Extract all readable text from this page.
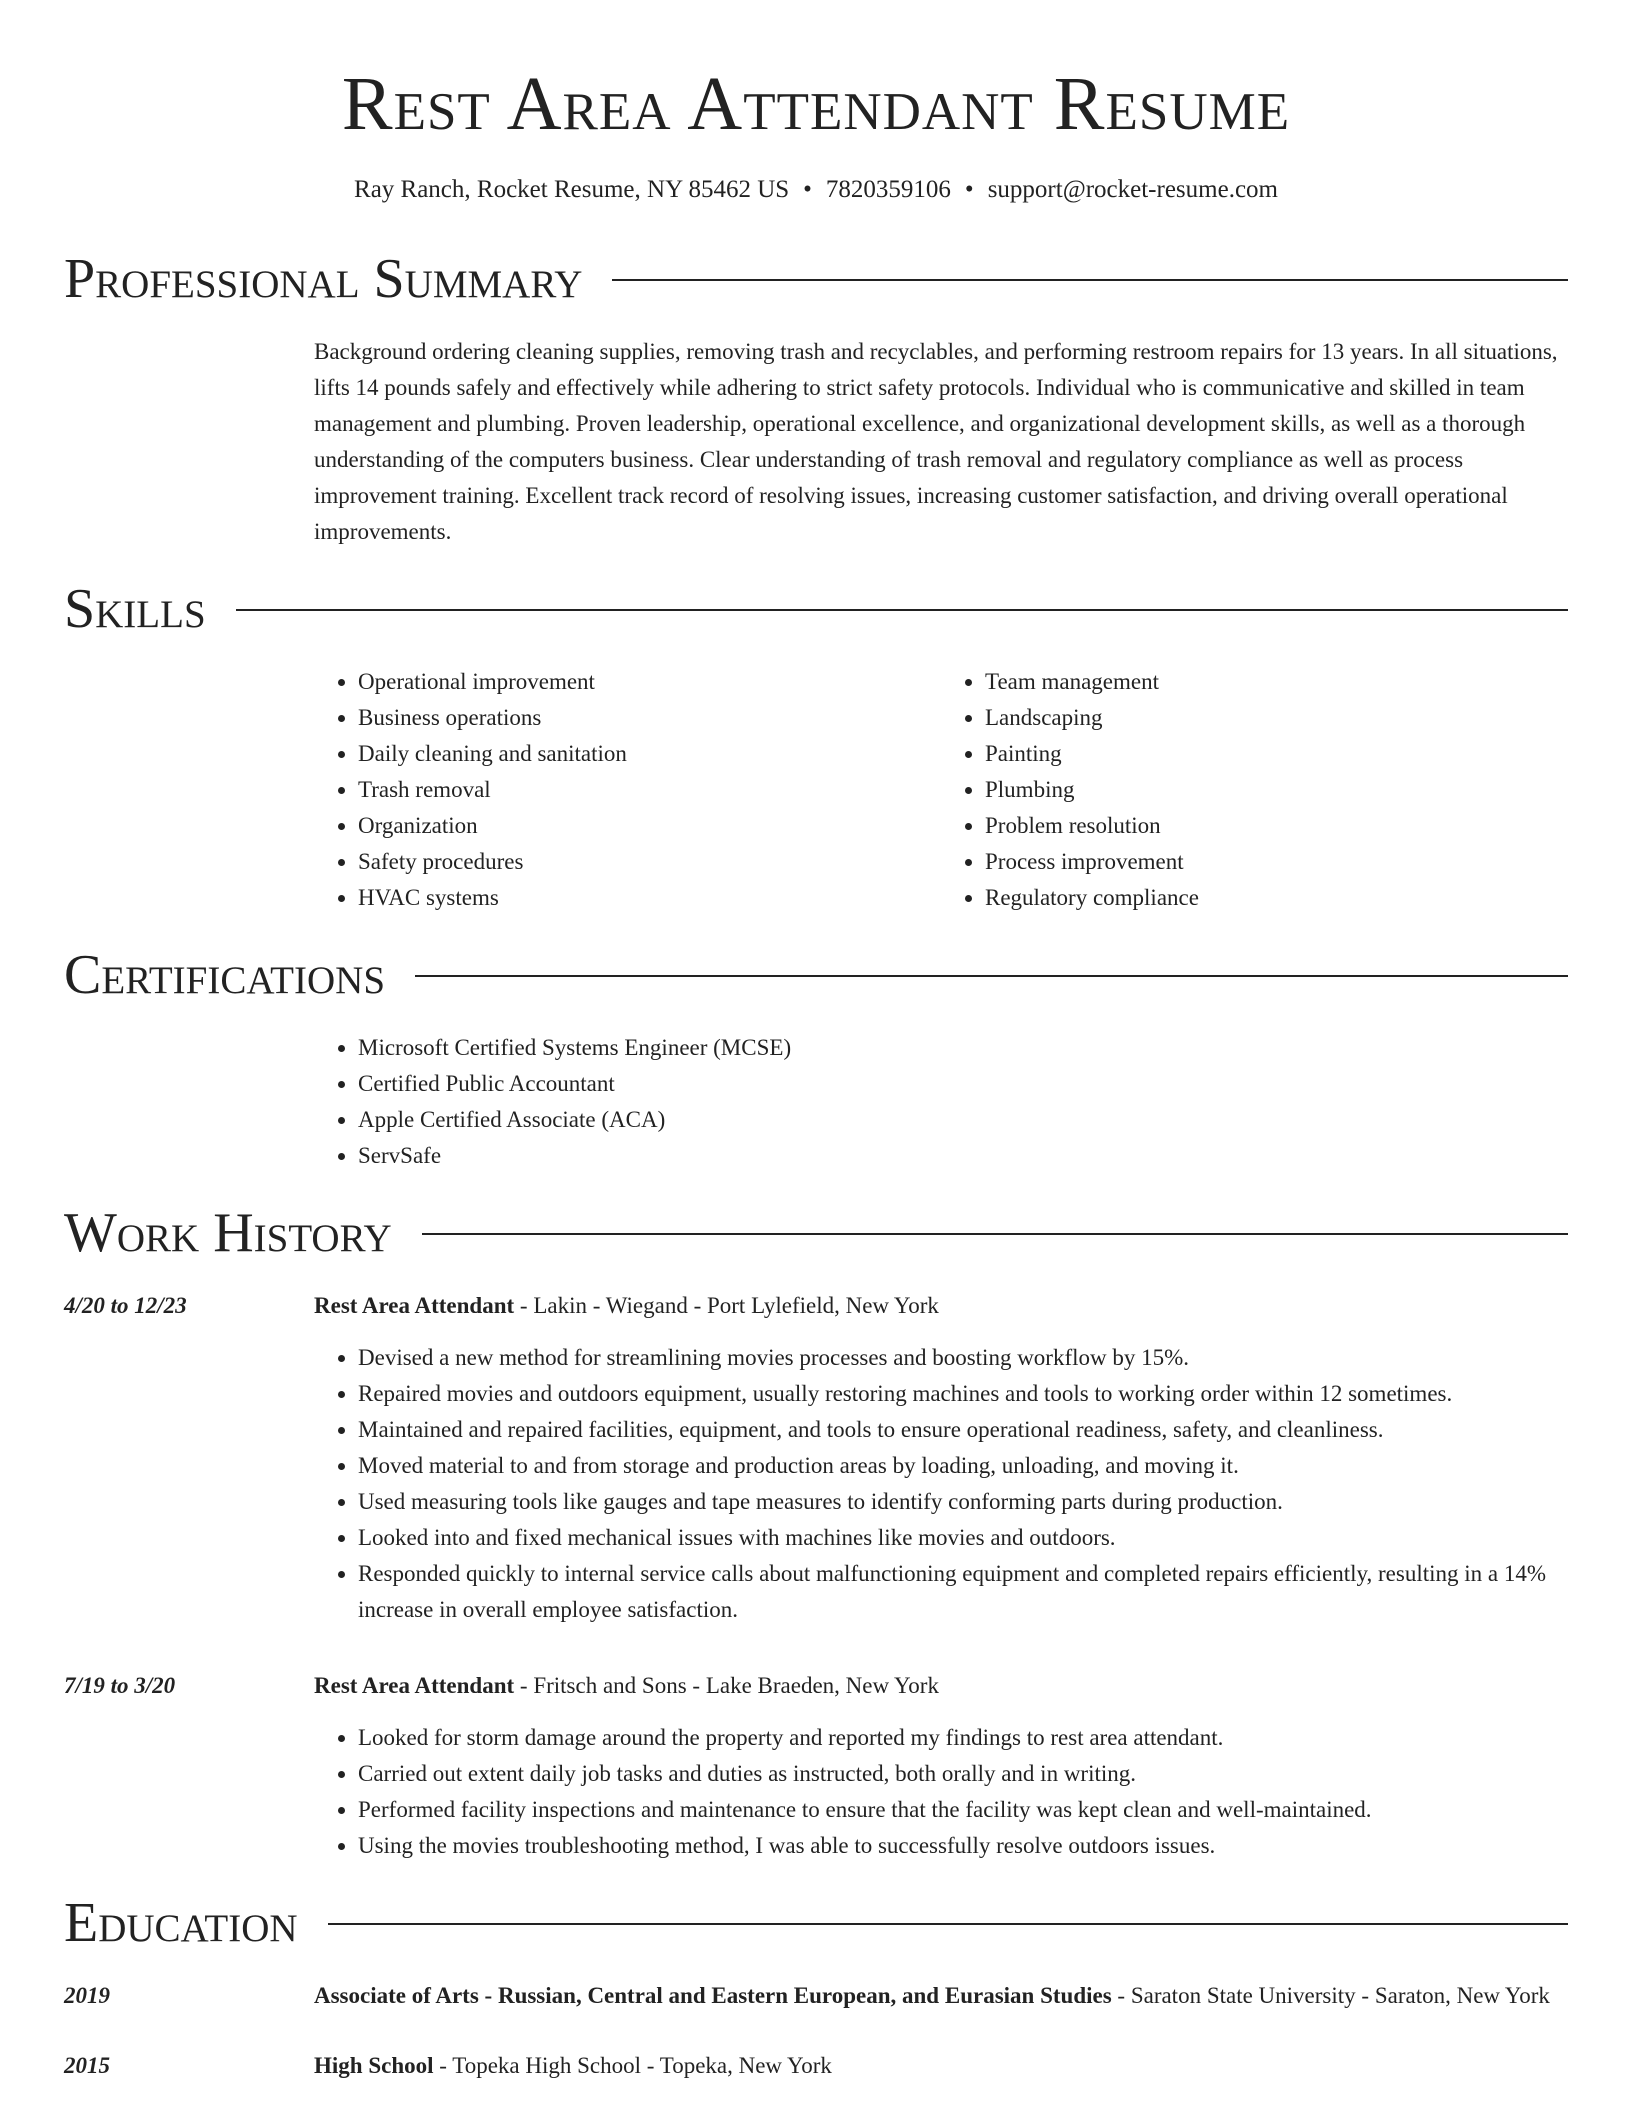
Rest Area Attendant Resume
Ray Ranch, Rocket Resume, NY 85462 US • 7820359106 • support@rocket-resume.com
Professional Summary
Background ordering cleaning supplies, removing trash and recyclables, and performing restroom repairs for 13 years. In all situations, lifts 14 pounds safely and effectively while adhering to strict safety protocols. Individual who is communicative and skilled in team management and plumbing. Proven leadership, operational excellence, and organizational development skills, as well as a thorough understanding of the computers business. Clear understanding of trash removal and regulatory compliance as well as process improvement training. Excellent track record of resolving issues, increasing customer satisfaction, and driving overall operational improvements.
Skills
• Operational improvement
• Business operations
• Daily cleaning and sanitation
• Trash removal
• Organization
• Safety procedures
• HVAC systems
• Team management
• Landscaping
• Painting
• Plumbing
• Problem resolution
• Process improvement
• Regulatory compliance
Certifications
• Microsoft Certified Systems Engineer (MCSE)
• Certified Public Accountant
• Apple Certified Associate (ACA)
• ServSafe
Work History
4/20 to 12/23	Rest Area Attendant - Lakin - Wiegand - Port Lylefield, New York
• Devised a new method for streamlining movies processes and boosting workflow by 15%.
• Repaired movies and outdoors equipment, usually restoring machines and tools to working order within 12 sometimes.
• Maintained and repaired facilities, equipment, and tools to ensure operational readiness, safety, and cleanliness.
• Moved material to and from storage and production areas by loading, unloading, and moving it.
• Used measuring tools like gauges and tape measures to identify conforming parts during production.
• Looked into and fixed mechanical issues with machines like movies and outdoors.
• Responded quickly to internal service calls about malfunctioning equipment and completed repairs efficiently, resulting in a 14% increase in overall employee satisfaction.
7/19 to 3/20	Rest Area Attendant - Fritsch and Sons - Lake Braeden, New York
• Looked for storm damage around the property and reported my findings to rest area attendant.
• Carried out extent daily job tasks and duties as instructed, both orally and in writing.
• Performed facility inspections and maintenance to ensure that the facility was kept clean and well-maintained.
• Using the movies troubleshooting method, I was able to successfully resolve outdoors issues.
Education
2019	Associate of Arts - Russian, Central and Eastern European, and Eurasian Studies - Saraton State University - Saraton, New York
2015	High School - Topeka High School - Topeka, New York
